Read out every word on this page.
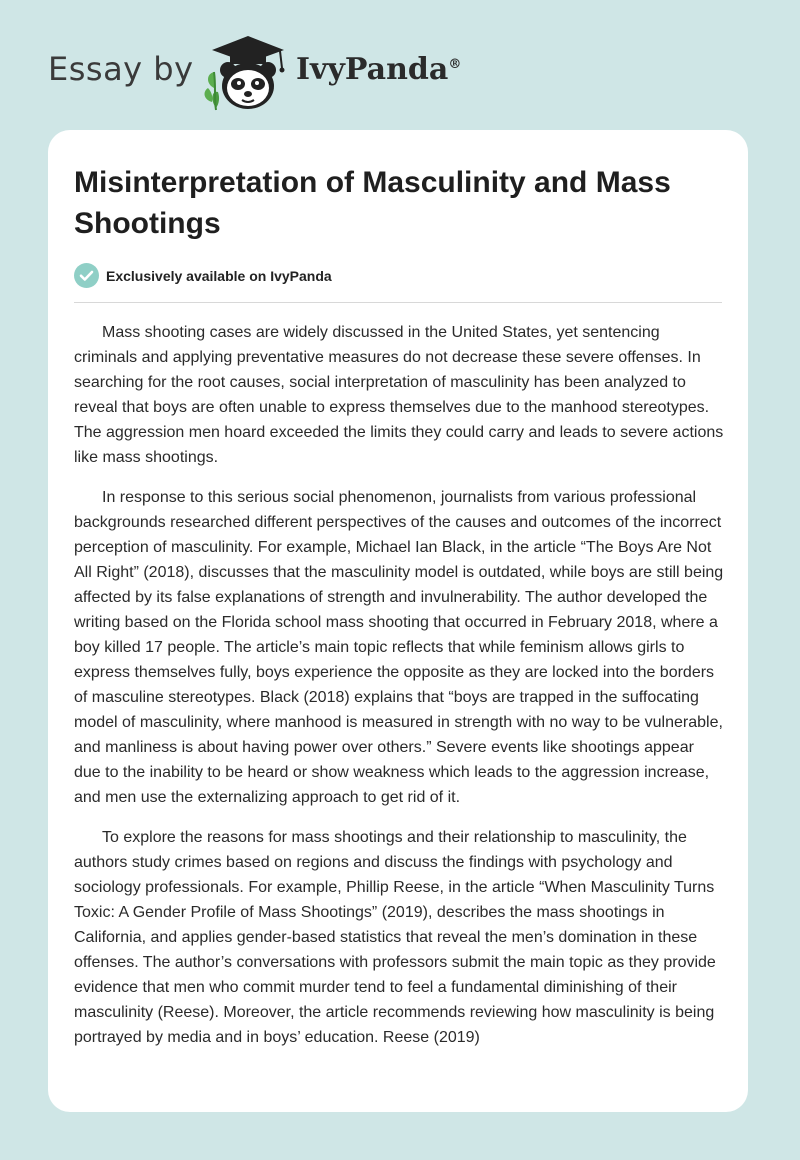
Essay by	IvyPanda®
Misinterpretation of Masculinity and Mass Shootings
Exclusively available on IvyPanda

Mass shooting cases are widely discussed in the United States, yet sentencing criminals and applying preventative measures do not decrease these severe offenses. In searching for the root causes, social interpretation of masculinity has been analyzed to reveal that boys are often unable to express themselves due to the manhood stereotypes. The aggression men hoard exceeded the limits they could carry and leads to severe actions like mass shootings.

In response to this serious social phenomenon, journalists from various professional backgrounds researched different perspectives of the causes and outcomes of the incorrect perception of masculinity. For example, Michael Ian Black, in the article “The Boys Are Not All Right” (2018), discusses that the masculinity model is outdated, while boys are still being affected by its false explanations of strength and invulnerability. The author developed the writing based on the Florida school mass shooting that occurred in February 2018, where a boy killed 17 people. The article’s main topic reflects that while feminism allows girls to express themselves fully, boys experience the opposite as they are locked into the borders of masculine stereotypes. Black (2018) explains that “boys are trapped in the suffocating model of masculinity, where manhood is measured in strength with no way to be vulnerable, and manliness is about having power over others.” Severe events like shootings appear due to the inability to be heard or show weakness which leads to the aggression increase, and men use the externalizing approach to get rid of it.

To explore the reasons for mass shootings and their relationship to masculinity, the authors study crimes based on regions and discuss the findings with psychology and sociology professionals. For example, Phillip Reese, in the article “When Masculinity Turns Toxic: A Gender Profile of Mass Shootings” (2019), describes the mass shootings in California, and applies gender-based statistics that reveal the men’s domination in these offenses. The author’s conversations with professors submit the main topic as they provide evidence that men who commit murder tend to feel a fundamental diminishing of their masculinity (Reese). Moreover, the article recommends reviewing how masculinity is being portrayed by media and in boys’ education. Reese (2019)
